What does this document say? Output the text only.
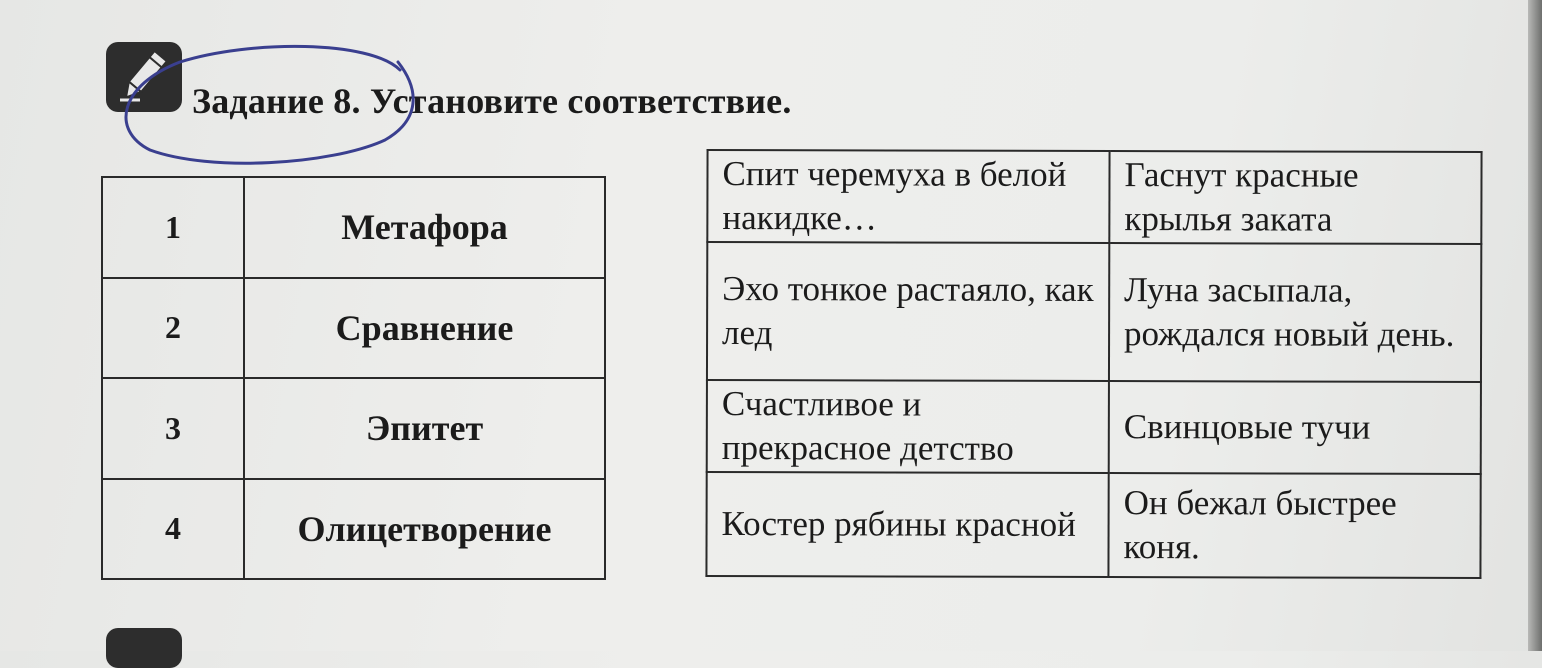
Задание 8. Установите соответствие.
1	Метафора
2	Сравнение
3	Эпитет
4	Олицетворение
Спит черемуха в белой накидке…	Гаснут красные крылья заката
Эхо тонкое растаяло, как лед	Луна засыпала, рождался новый день.
Счастливое и прекрасное детство	Свинцовые тучи
Костер рябины красной	Он бежал быстрее коня.
